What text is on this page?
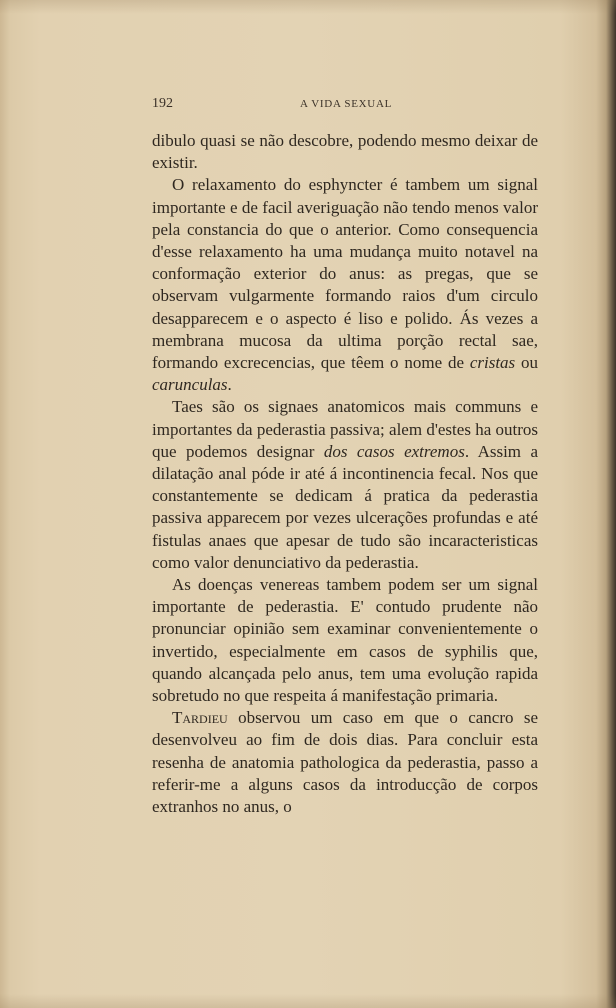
192	A VIDA SEXUAL

dibulo quasi se não descobre, podendo mesmo deixar de existir.

O relaxamento do esphyncter é tambem um signal importante e de facil averiguação não tendo menos valor pela constancia do que o anterior. Como consequencia d'esse relaxamento ha uma mudança muito notavel na conformação exterior do anus: as pregas, que se observam vulgarmente formando raios d'um circulo desapparecem e o aspecto é liso e polido. Ás vezes a membrana mucosa da ultima porção rectal sae, formando excrecencias, que têem o nome de cristas ou carunculas.

Taes são os signaes anatomicos mais communs e importantes da pederastia passiva; alem d'estes ha outros que podemos designar dos casos extremos. Assim a dilatação anal póde ir até á incontinencia fecal. Nos que constantemente se dedicam á pratica da pederastia passiva apparecem por vezes ulcerações profundas e até fistulas anaes que apesar de tudo são incaracteristicas como valor denunciativo da pederastia.

As doenças venereas tambem podem ser um signal importante de pederastia. E' contudo prudente não pronunciar opinião sem examinar convenientemente o invertido, especialmente em casos de syphilis que, quando alcançada pelo anus, tem uma evolução rapida sobretudo no que respeita á manifestação primaria.

Tardieu observou um caso em que o cancro se desenvolveu ao fim de dois dias. Para concluir esta resenha de anatomia pathologica da pederastia, passo a referir-me a alguns casos da introducção de corpos extranhos no anus, o
